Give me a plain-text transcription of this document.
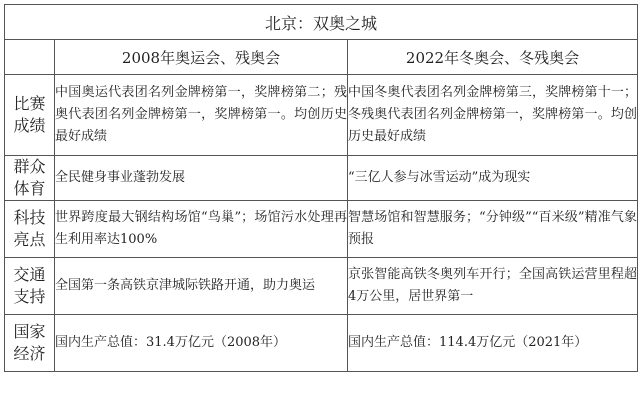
北京：双奥之城		
	2008年奥运会、残奥会	2022年冬奥会、冬残奥会
比赛
成绩	中国奥运代表团名列金牌榜第一，奖牌榜第二；残奥代表团名列金牌榜第一，奖牌榜第一。均创历史最好成绩	中国冬奥代表团名列金牌榜第三，奖牌榜第十一；冬残奥代表团名列金牌榜第一，奖牌榜第一。均创历史最好成绩
群众
体育	全民健身事业蓬勃发展	“三亿人参与冰雪运动”成为现实
科技
亮点	世界跨度最大钢结构场馆“鸟巢”；场馆污水处理再生利用率达100%	智慧场馆和智慧服务；“分钟级”“百米级”精准气象预报
交通
支持	全国第一条高铁京津城际铁路开通，助力奥运	京张智能高铁冬奥列车开行；全国高铁运营里程超4万公里，居世界第一
国家
经济	国内生产总值：31.4万亿元（2008年）	国内生产总值：114.4万亿元（2021年）
